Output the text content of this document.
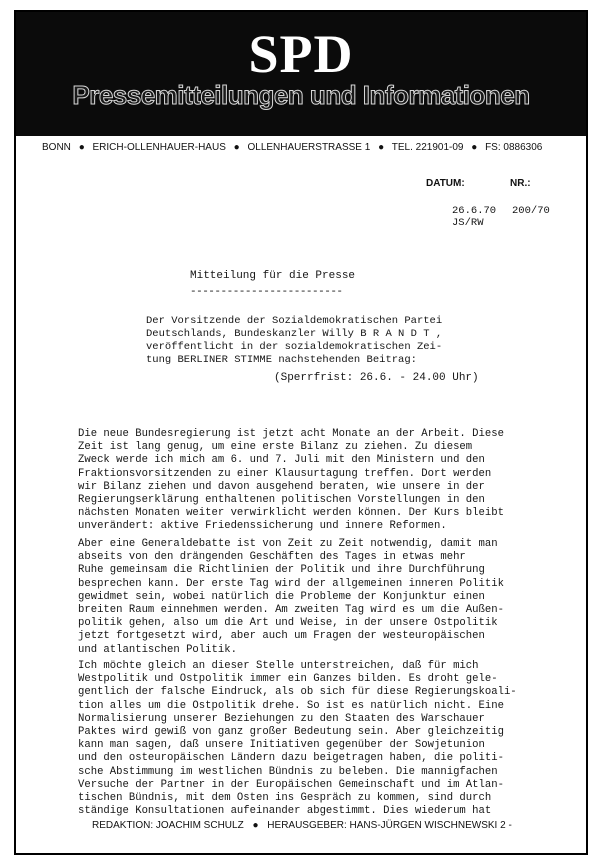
SPD
Pressemitteilungen und Informationen
BONN ● ERICH-OLLENHAUER-HAUS ● OLLENHAUERSTRASSE 1 ● TEL. 221901-09 ● FS: 0886306
DATUM:	NR.:
26.6.70 200/70
JS/RW
Mitteilung für die Presse
-------------------------
Der Vorsitzende der Sozialdemokratischen Partei
Deutschlands, Bundeskanzler Willy B R A N D T ,
veröffentlicht in der sozialdemokratischen Zei-
tung BERLINER STIMME nachstehenden Beitrag:
(Sperrfrist: 26.6. - 24.00 Uhr)
Die neue Bundesregierung ist jetzt acht Monate an der Arbeit. Diese
Zeit ist lang genug, um eine erste Bilanz zu ziehen. Zu diesem
Zweck werde ich mich am 6. und 7. Juli mit den Ministern und den
Fraktionsvorsitzenden zu einer Klausurtagung treffen. Dort werden
wir Bilanz ziehen und davon ausgehend beraten, wie unsere in der
Regierungserklärung enthaltenen politischen Vorstellungen in den
nächsten Monaten weiter verwirklicht werden können. Der Kurs bleibt
unverändert: aktive Friedenssicherung und innere Reformen.
Aber eine Generaldebatte ist von Zeit zu Zeit notwendig, damit man
abseits von den drängenden Geschäften des Tages in etwas mehr
Ruhe gemeinsam die Richtlinien der Politik und ihre Durchführung
besprechen kann. Der erste Tag wird der allgemeinen inneren Politik
gewidmet sein, wobei natürlich die Probleme der Konjunktur einen
breiten Raum einnehmen werden. Am zweiten Tag wird es um die Außen-
politik gehen, also um die Art und Weise, in der unsere Ostpolitik
jetzt fortgesetzt wird, aber auch um Fragen der westeuropäischen
und atlantischen Politik.
Ich möchte gleich an dieser Stelle unterstreichen, daß für mich
Westpolitik und Ostpolitik immer ein Ganzes bilden. Es droht gele-
gentlich der falsche Eindruck, als ob sich für diese Regierungskoali-
tion alles um die Ostpolitik drehe. So ist es natürlich nicht. Eine
Normalisierung unserer Beziehungen zu den Staaten des Warschauer
Paktes wird gewiß von ganz großer Bedeutung sein. Aber gleichzeitig
kann man sagen, daß unsere Initiativen gegenüber der Sowjetunion
und den osteuropäischen Ländern dazu beigetragen haben, die politi-
sche Abstimmung im westlichen Bündnis zu beleben. Die mannigfachen
Versuche der Partner in der Europäischen Gemeinschaft und im Atlan-
tischen Bündnis, mit dem Osten ins Gespräch zu kommen, sind durch
ständige Konsultationen aufeinander abgestimmt. Dies wiederum hat
REDAKTION: JOACHIM SCHULZ ● HERAUSGEBER: HANS-JÜRGEN WISCHNEWSKI 2 -
